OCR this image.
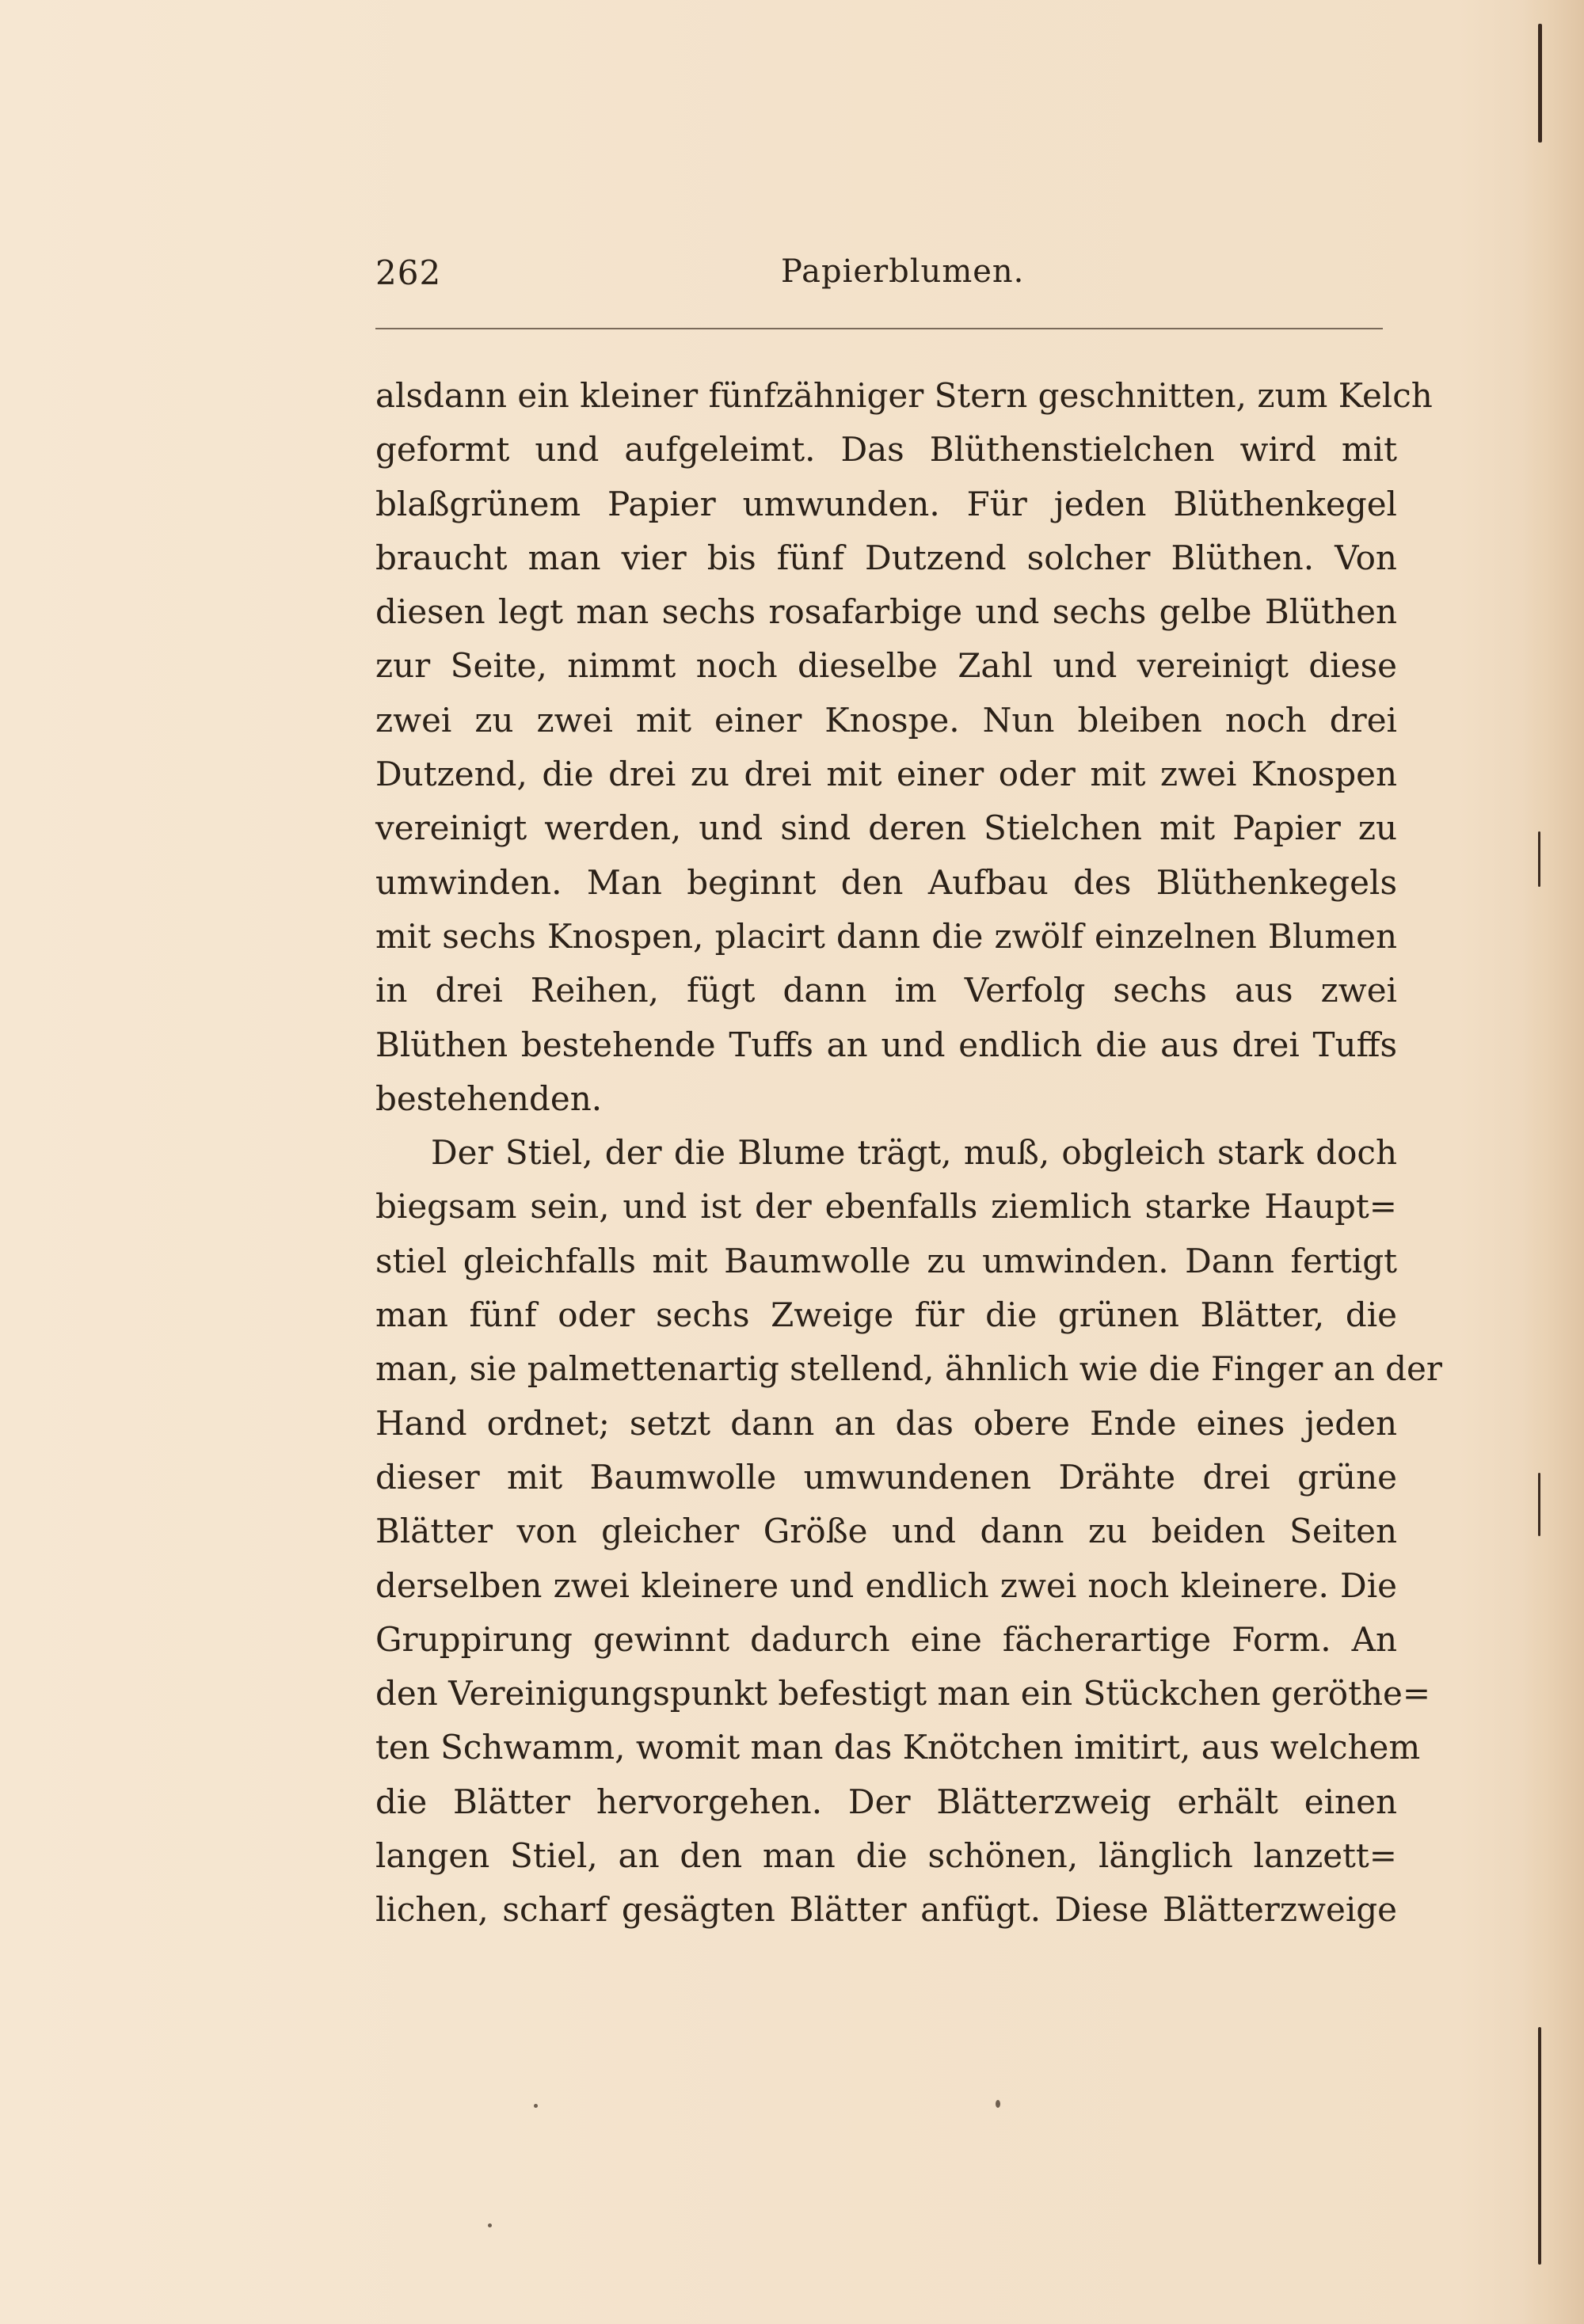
262	Papierblumen.
alsdann ein kleiner fünfzähniger Stern geschnitten, zum Kelch
geformt und aufgeleimt. Das Blüthenstielchen wird mit
blaßgrünem Papier umwunden. Für jeden Blüthenkegel
braucht man vier bis fünf Dutzend solcher Blüthen. Von
diesen legt man sechs rosafarbige und sechs gelbe Blüthen
zur Seite, nimmt noch dieselbe Zahl und vereinigt diese
zwei zu zwei mit einer Knospe. Nun bleiben noch drei
Dutzend, die drei zu drei mit einer oder mit zwei Knospen
vereinigt werden, und sind deren Stielchen mit Papier zu
umwinden. Man beginnt den Aufbau des Blüthenkegels
mit sechs Knospen, placirt dann die zwölf einzelnen Blumen
in drei Reihen, fügt dann im Verfolg sechs aus zwei
Blüthen bestehende Tuffs an und endlich die aus drei Tuffs
bestehenden.
Der Stiel, der die Blume trägt, muß, obgleich stark doch
biegsam sein, und ist der ebenfalls ziemlich starke Haupt=
stiel gleichfalls mit Baumwolle zu umwinden. Dann fertigt
man fünf oder sechs Zweige für die grünen Blätter, die
man, sie palmettenartig stellend, ähnlich wie die Finger an der
Hand ordnet; setzt dann an das obere Ende eines jeden
dieser mit Baumwolle umwundenen Drähte drei grüne
Blätter von gleicher Größe und dann zu beiden Seiten
derselben zwei kleinere und endlich zwei noch kleinere. Die
Gruppirung gewinnt dadurch eine fächerartige Form. An
den Vereinigungspunkt befestigt man ein Stückchen geröthe=
ten Schwamm, womit man das Knötchen imitirt, aus welchem
die Blätter hervorgehen. Der Blätterzweig erhält einen
langen Stiel, an den man die schönen, länglich lanzett=
lichen, scharf gesägten Blätter anfügt. Diese Blätterzweige
